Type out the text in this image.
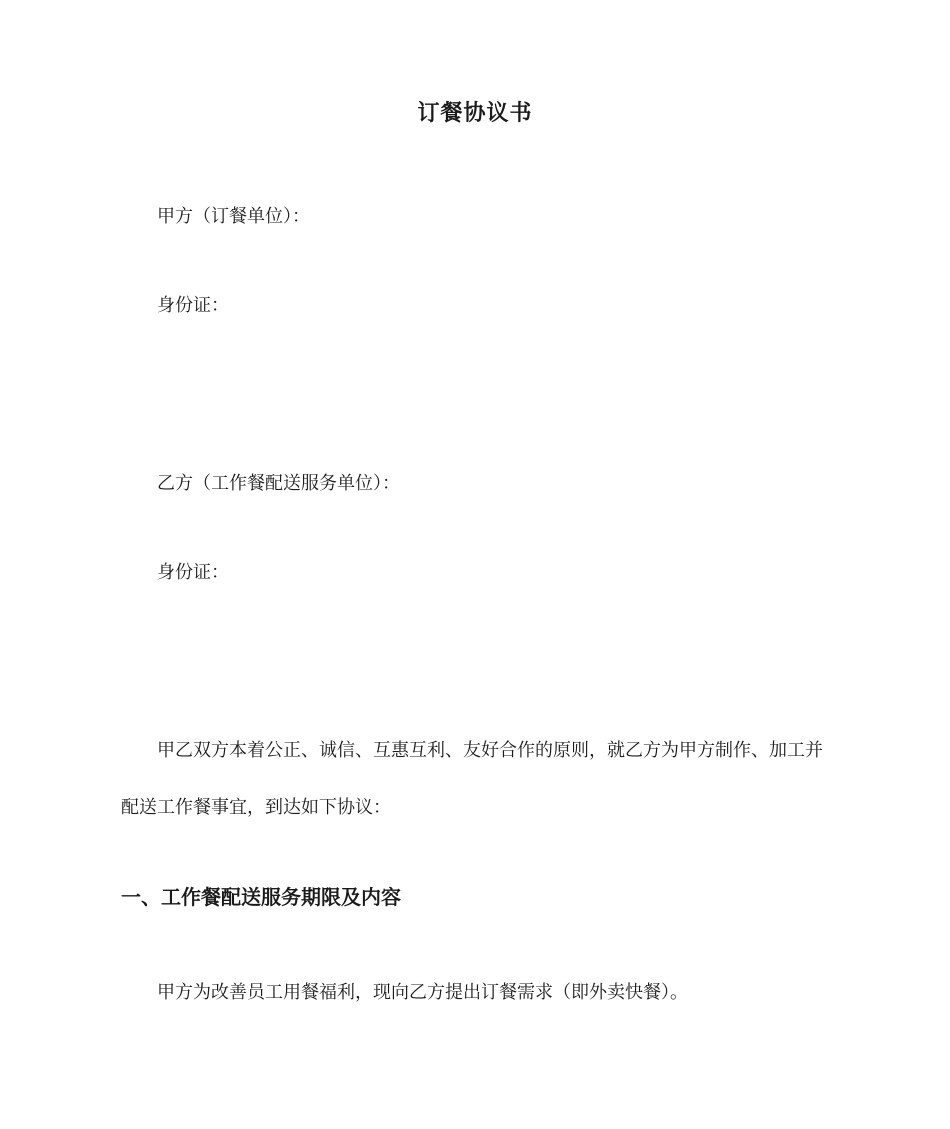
订餐协议书
甲方（订餐单位）：
身份证：
乙方（工作餐配送服务单位）：
身份证：
甲乙双方本着公正、诚信、互惠互利、友好合作的原则，就乙方为甲方制作、加工并
配送工作餐事宜，到达如下协议：
一、工作餐配送服务期限及内容
甲方为改善员工用餐福利，现向乙方提出订餐需求（即外卖快餐）。
